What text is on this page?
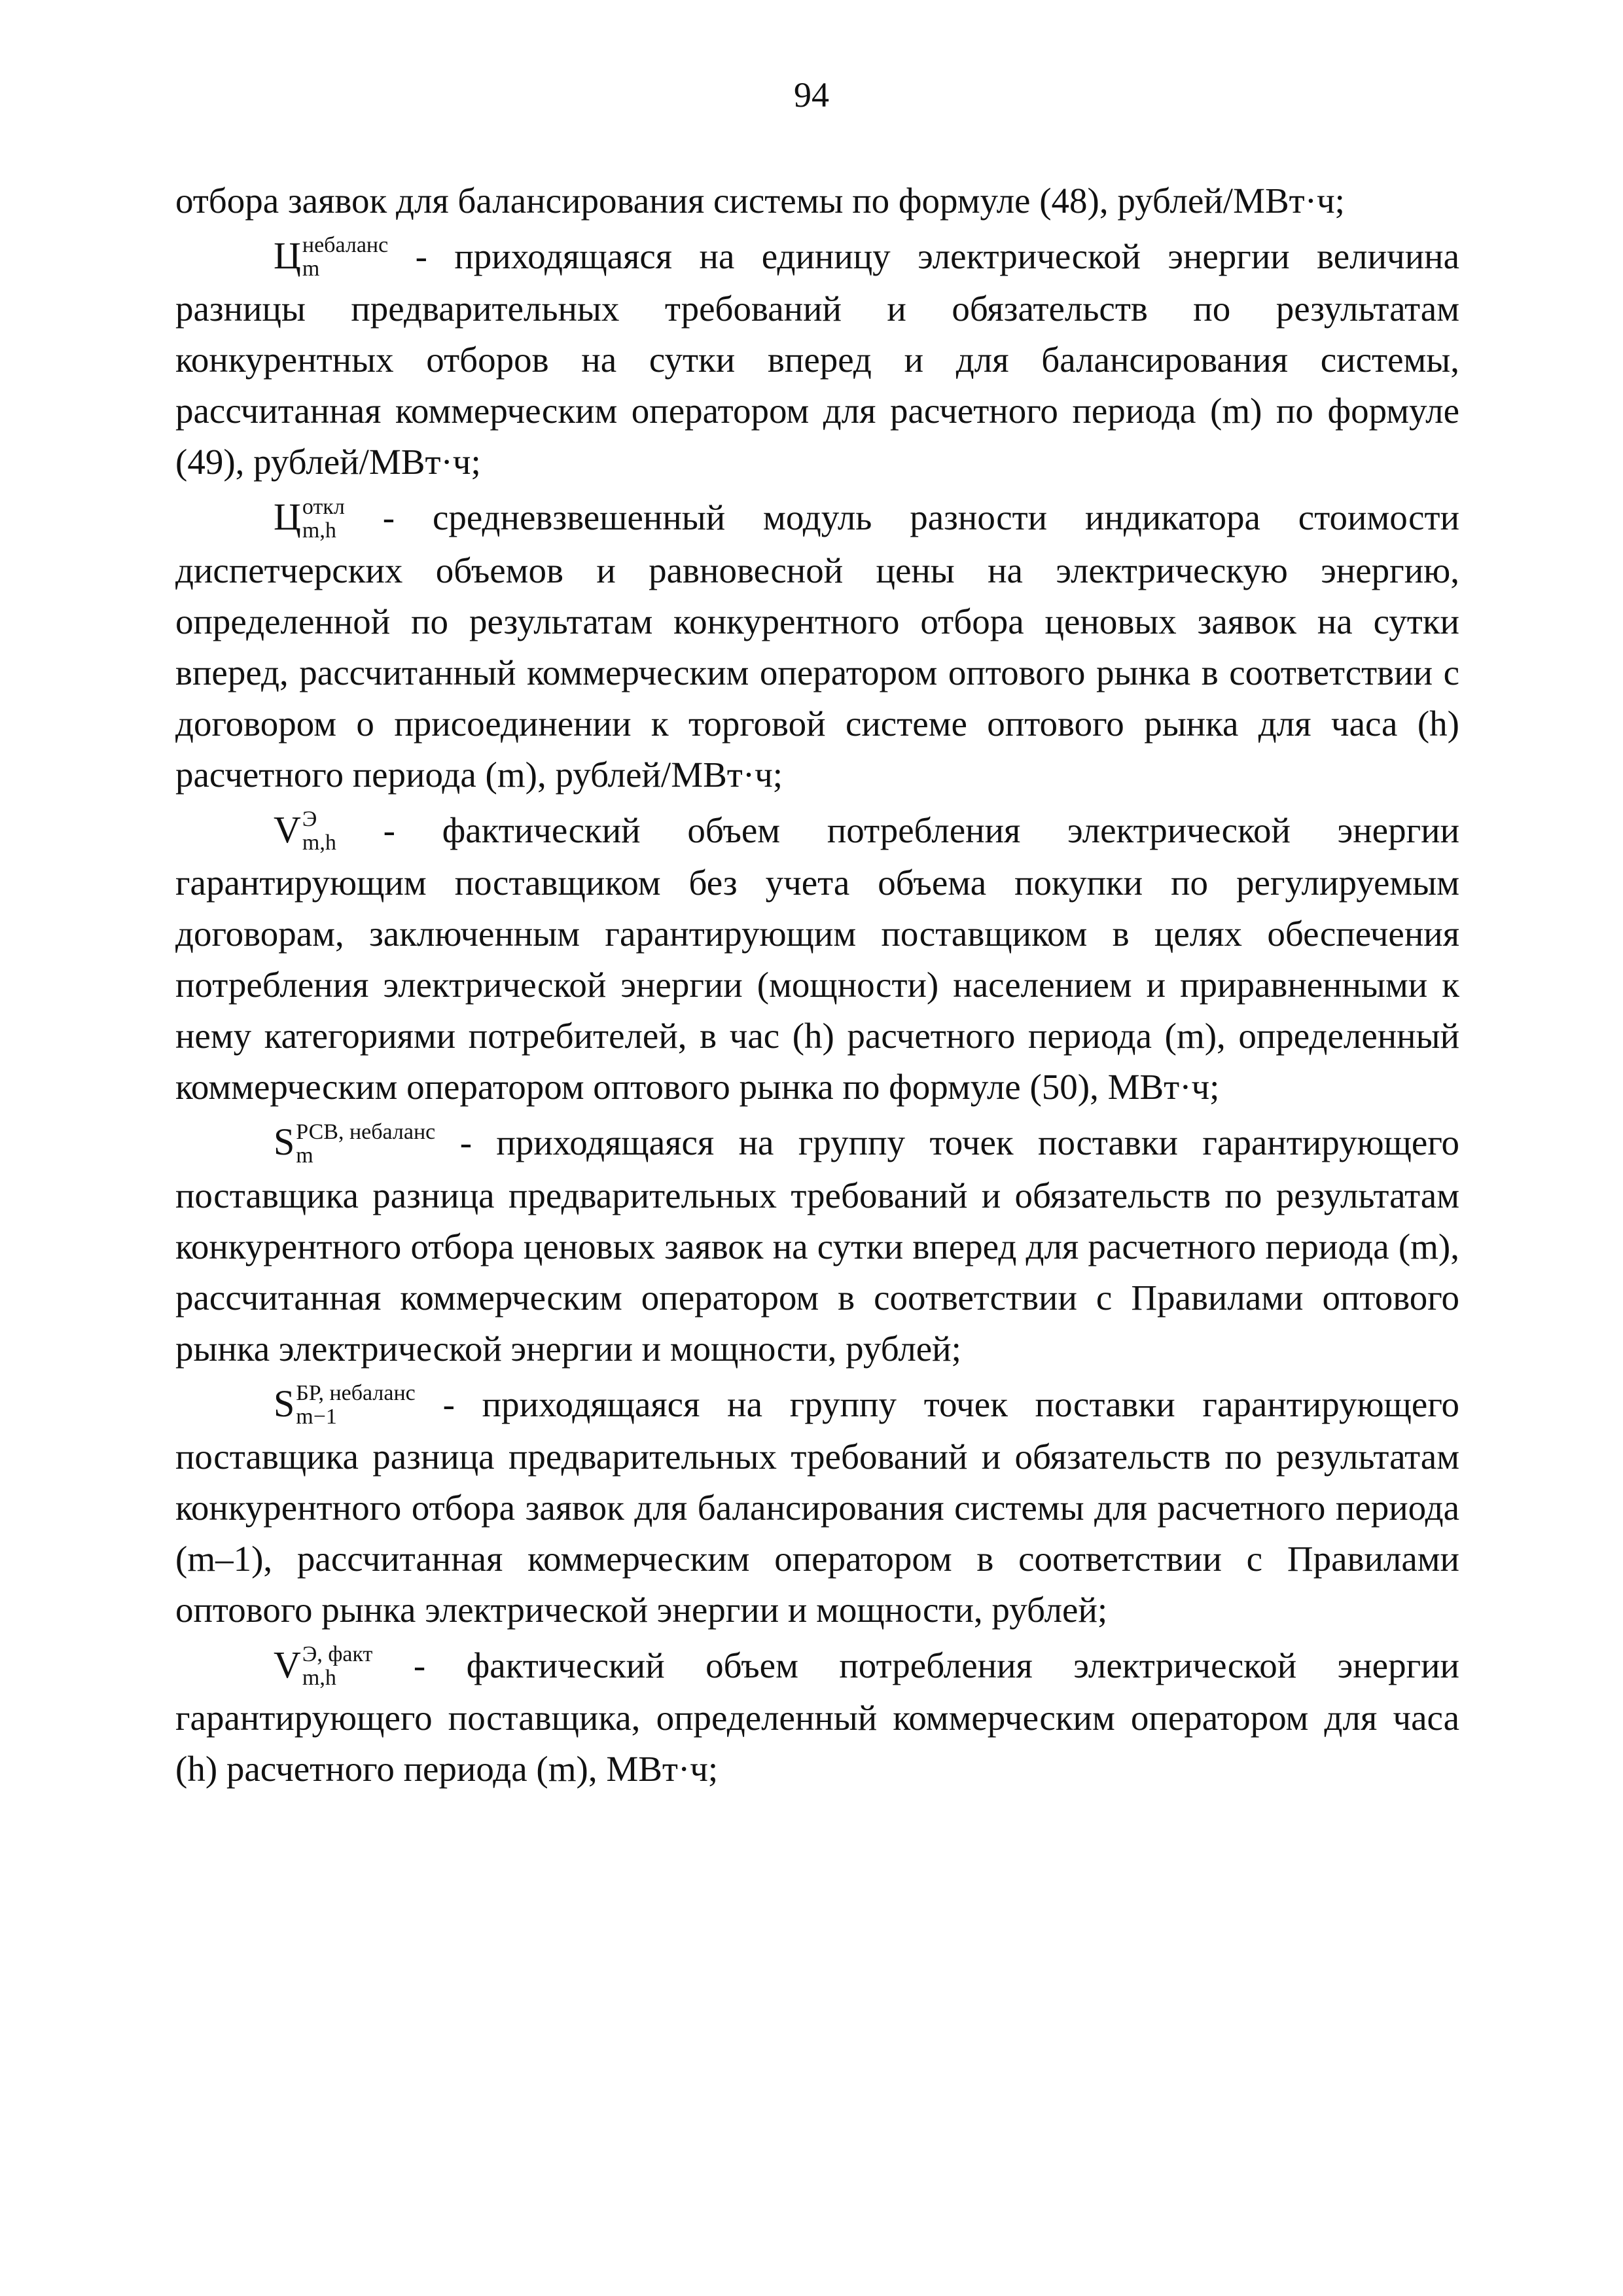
94

отбора заявок для балансирования системы по формуле (48), рублей/МВт·ч;

Ц небаланс
m	- приходящаяся на единицу электрической энергии величина разницы предварительных требований и обязательств по результатам конкурентных отборов на сутки вперед и для балансирования системы, рассчитанная коммерческим оператором для расчетного периода (m) по формуле (49), рублей/МВт·ч;

Ц откл
m,h - средневзвешенный модуль разности индикатора стоимости диспетчерских объемов и равновесной цены на электрическую энергию, определенной по результатам конкурентного отбора ценовых заявок на сутки вперед, рассчитанный коммерческим оператором оптового рынка в соответствии с договором о присоединении к торговой системе оптового рынка для часа (h) расчетного периода (m), рублей/МВт·ч;

V Э
m,h - фактический объем потребления электрической энергии гарантирующим поставщиком без учета объема покупки по регулируемым договорам, заключенным гарантирующим поставщиком в целях обеспечения потребления электрической энергии (мощности) населением и приравненными к нему категориями потребителей, в час (h) расчетного периода (m), определенный коммерческим оператором оптового рынка по формуле (50), МВт·ч;

S РСВ, небаланс
m	- приходящаяся на группу точек поставки гарантирующего поставщика разница предварительных требований и обязательств по результатам конкурентного отбора ценовых заявок на сутки вперед для расчетного периода (m), рассчитанная коммерческим оператором в соответствии с Правилами оптового рынка электрической энергии и мощности, рублей;

S БР, небаланс
m−1	- приходящаяся на группу точек поставки гарантирующего поставщика разница предварительных требований и обязательств по результатам конкурентного отбора заявок для балансирования системы для расчетного периода (m–1), рассчитанная коммерческим оператором в соответствии с Правилами оптового рынка электрической энергии и мощности, рублей;

V Э, факт
m,h	- фактический объем потребления электрической энергии гарантирующего поставщика, определенный коммерческим оператором для часа (h) расчетного периода (m), МВт·ч;
